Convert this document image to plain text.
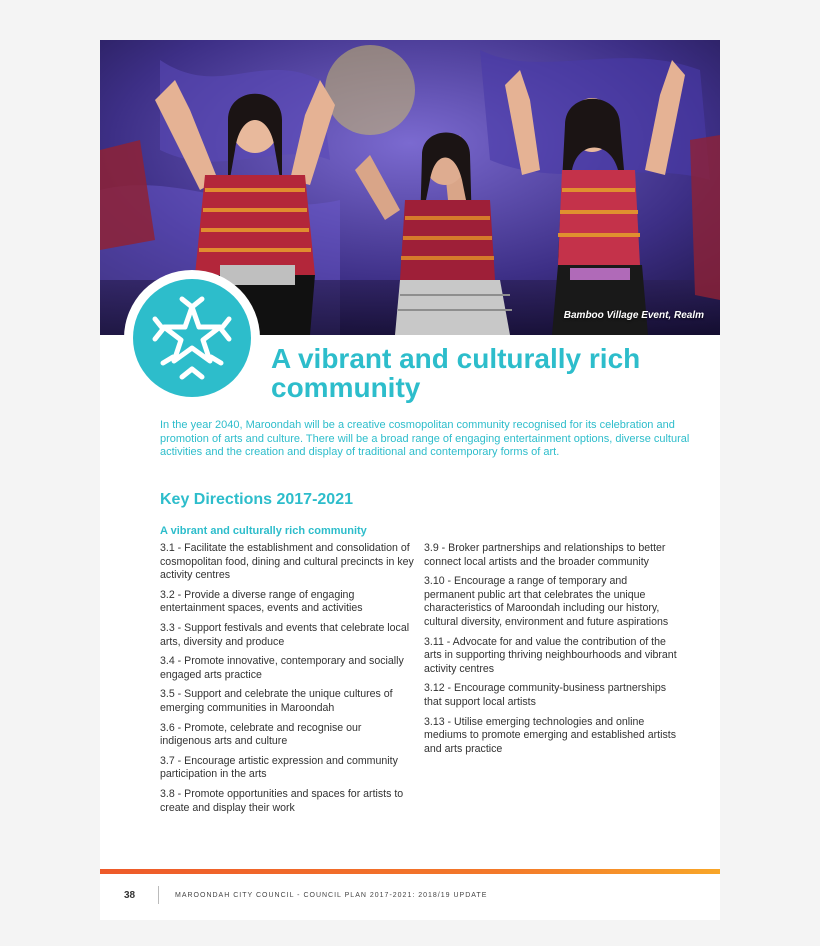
Bamboo Village Event, Realm
A vibrant and culturally rich community

In the year 2040, Maroondah will be a creative cosmopolitan community recognised for its celebration and promotion of arts and culture. There will be a broad range of engaging entertainment options, diverse cultural activities and the creation and display of traditional and contemporary forms of art.

Key Directions 2017-2021
A vibrant and culturally rich community

3.1 - Facilitate the establishment and consolidation of cosmopolitan food, dining and cultural precincts in key activity centres

3.2 - Provide a diverse range of engaging entertainment spaces, events and activities

3.3 - Support festivals and events that celebrate local arts, diversity and produce

3.4 - Promote innovative, contemporary and socially engaged arts practice

3.5 - Support and celebrate the unique cultures of emerging communities in Maroondah

3.6 - Promote, celebrate and recognise our indigenous arts and culture

3.7 - Encourage artistic expression and community participation in the arts

3.8 - Promote opportunities and spaces for artists to create and display their work

3.9 - Broker partnerships and relationships to better connect local artists and the broader community

3.10 - Encourage a range of temporary and permanent public art that celebrates the unique characteristics of Maroondah including our history, cultural diversity, environment and future aspirations

3.11 - Advocate for and value the contribution of the arts in supporting thriving neighbourhoods and vibrant activity centres

3.12 - Encourage community-business partnerships that support local artists

3.13 - Utilise emerging technologies and online mediums to promote emerging and established artists and arts practice

38	MAROONDAH CITY COUNCIL - COUNCIL PLAN 2017-2021: 2018/19 UPDATE
